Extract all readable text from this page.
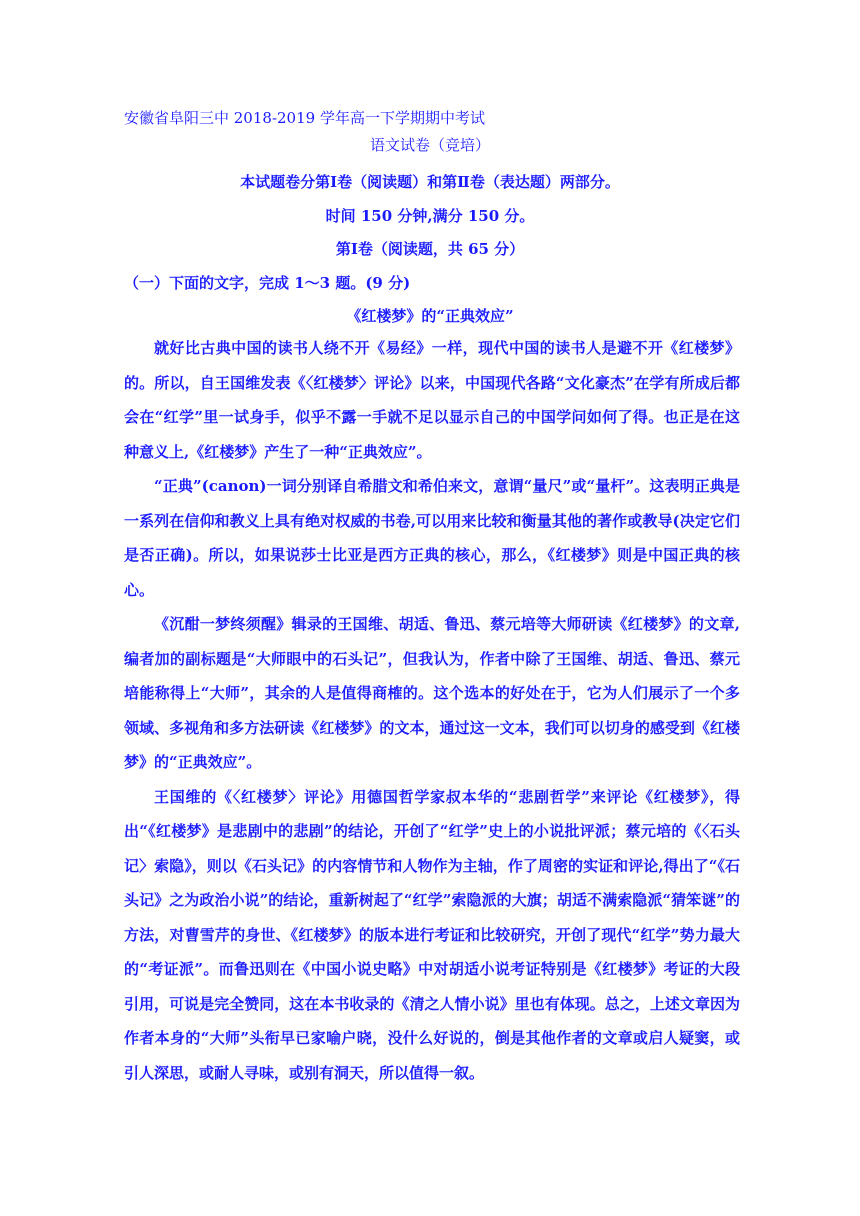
安徽省阜阳三中 2018-2019 学年高一下学期期中考试
语文试卷（竞培）
本试题卷分第Ⅰ卷（阅读题）和第Ⅱ卷（表达题）两部分。
时间 150 分钟,满分 150 分。
第Ⅰ卷（阅读题，共 65 分）
（一）下面的文字，完成 1～3 题。(9 分)
《红楼梦》的“正典效应”

就好比古典中国的读书人绕不开《易经》一样，现代中国的读书人是避不开《红楼梦》的。所以，自王国维发表《〈红楼梦〉评论》以来，中国现代各路“文化豪杰”在学有所成后都会在“红学”里一试身手，似乎不露一手就不足以显示自己的中国学问如何了得。也正是在这种意义上,《红楼梦》产生了一种“正典效应”。

“正典”(canon)一词分别译自希腊文和希伯来文，意谓“量尺”或“量杆”。这表明正典是一系列在信仰和教义上具有绝对权威的书卷,可以用来比较和衡量其他的著作或教导(决定它们是否正确)。所以，如果说莎士比亚是西方正典的核心，那么，《红楼梦》则是中国正典的核心。

《沉酣一梦终须醒》辑录的王国维、胡适、鲁迅、蔡元培等大师研读《红楼梦》的文章,编者加的副标题是“大师眼中的石头记”，但我认为，作者中除了王国维、胡适、鲁迅、蔡元培能称得上“大师”，其余的人是值得商榷的。这个选本的好处在于，它为人们展示了一个多领域、多视角和多方法研读《红楼梦》的文本，通过这一文本，我们可以切身的感受到《红楼梦》的“正典效应”。

王国维的《〈红楼梦〉评论》用德国哲学家叔本华的“悲剧哲学”来评论《红楼梦》，得出“《红楼梦》是悲剧中的悲剧”的结论，开创了“红学”史上的小说批评派；蔡元培的《〈石头记〉索隐》，则以《石头记》的内容情节和人物作为主轴，作了周密的实证和评论,得出了“《石头记》之为政治小说”的结论，重新树起了“红学”索隐派的大旗；胡适不满索隐派“猜笨谜”的方法，对曹雪芹的身世、《红楼梦》的版本进行考证和比较研究，开创了现代“红学”势力最大的“考证派”。而鲁迅则在《中国小说史略》中对胡适小说考证特别是《红楼梦》考证的大段引用，可说是完全赞同，这在本书收录的《清之人情小说》里也有体现。总之，上述文章因为作者本身的“大师”头衔早已家喻户晓，没什么好说的，倒是其他作者的文章或启人疑窦，或引人深思，或耐人寻味，或别有洞天，所以值得一叙。
